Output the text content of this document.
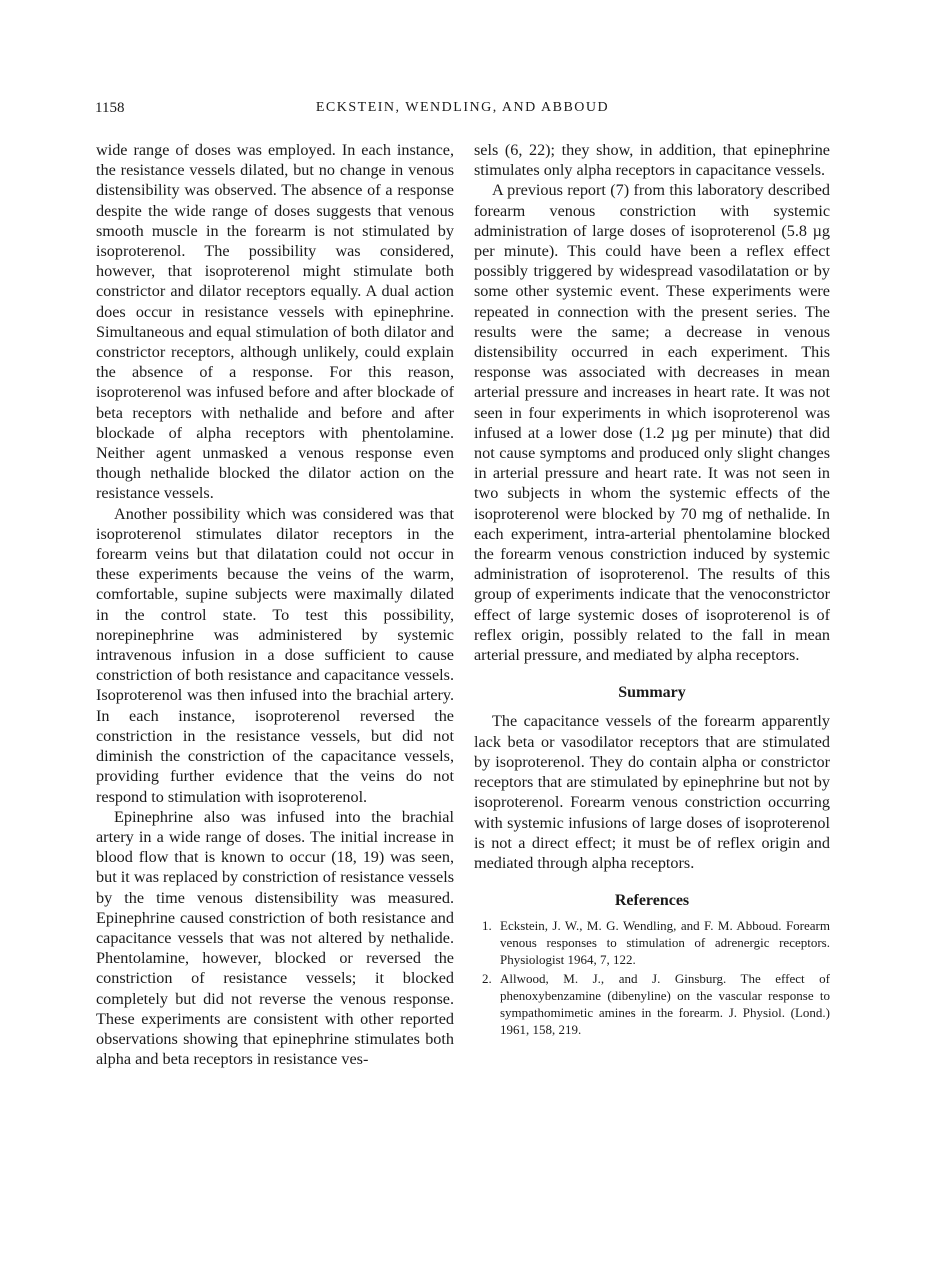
1158	ECKSTEIN, WENDLING, AND ABBOUD

wide range of doses was employed. In each instance, the resistance vessels dilated, but no change in venous distensibility was observed. The absence of a response despite the wide range of doses suggests that venous smooth muscle in the forearm is not stimulated by isoproterenol. The possibility was considered, however, that isoproterenol might stimulate both constrictor and dilator receptors equally. A dual action does occur in resistance vessels with epinephrine. Simultaneous and equal stimulation of both dilator and constrictor receptors, although unlikely, could explain the absence of a response. For this reason, isoproterenol was infused before and after blockade of beta receptors with nethalide and before and after blockade of alpha receptors with phentolamine. Neither agent unmasked a venous response even though nethalide blocked the dilator action on the resistance vessels.

Another possibility which was considered was that isoproterenol stimulates dilator receptors in the forearm veins but that dilatation could not occur in these experiments because the veins of the warm, comfortable, supine subjects were maximally dilated in the control state. To test this possibility, norepinephrine was administered by systemic intravenous infusion in a dose sufficient to cause constriction of both resistance and capacitance vessels. Isoproterenol was then infused into the brachial artery. In each instance, isoproterenol reversed the constriction in the resistance vessels, but did not diminish the constriction of the capacitance vessels, providing further evidence that the veins do not respond to stimulation with isoproterenol.

Epinephrine also was infused into the brachial artery in a wide range of doses. The initial increase in blood flow that is known to occur (18, 19) was seen, but it was replaced by constriction of resistance vessels by the time venous distensibility was measured. Epinephrine caused constriction of both resistance and capacitance vessels that was not altered by nethalide. Phentolamine, however, blocked or reversed the constriction of resistance vessels; it blocked completely but did not reverse the venous response. These experiments are consistent with other reported observations showing that epinephrine stimulates both alpha and beta receptors in resistance ves-

sels (6, 22); they show, in addition, that epinephrine stimulates only alpha receptors in capacitance vessels.

A previous report (7) from this laboratory described forearm venous constriction with systemic administration of large doses of isoproterenol (5.8 µg per minute). This could have been a reflex effect possibly triggered by widespread vasodilatation or by some other systemic event. These experiments were repeated in connection with the present series. The results were the same; a decrease in venous distensibility occurred in each experiment. This response was associated with decreases in mean arterial pressure and increases in heart rate. It was not seen in four experiments in which isoproterenol was infused at a lower dose (1.2 µg per minute) that did not cause symptoms and produced only slight changes in arterial pressure and heart rate. It was not seen in two subjects in whom the systemic effects of the isoproterenol were blocked by 70 mg of nethalide. In each experiment, intra-arterial phentolamine blocked the forearm venous constriction induced by systemic administration of isoproterenol. The results of this group of experiments indicate that the venoconstrictor effect of large systemic doses of isoproterenol is of reflex origin, possibly related to the fall in mean arterial pressure, and mediated by alpha receptors.

Summary

The capacitance vessels of the forearm apparently lack beta or vasodilator receptors that are stimulated by isoproterenol. They do contain alpha or constrictor receptors that are stimulated by epinephrine but not by isoproterenol. Forearm venous constriction occurring with systemic infusions of large doses of isoproterenol is not a direct effect; it must be of reflex origin and mediated through alpha receptors.

References
1. Eckstein, J. W., M. G. Wendling, and F. M. Abboud. Forearm venous responses to stimulation of adrenergic receptors. Physiologist 1964, 7, 122.
2. Allwood, M. J., and J. Ginsburg. The effect of phenoxybenzamine (dibenyline) on the vascular response to sympathomimetic amines in the forearm. J. Physiol. (Lond.) 1961, 158, 219.
